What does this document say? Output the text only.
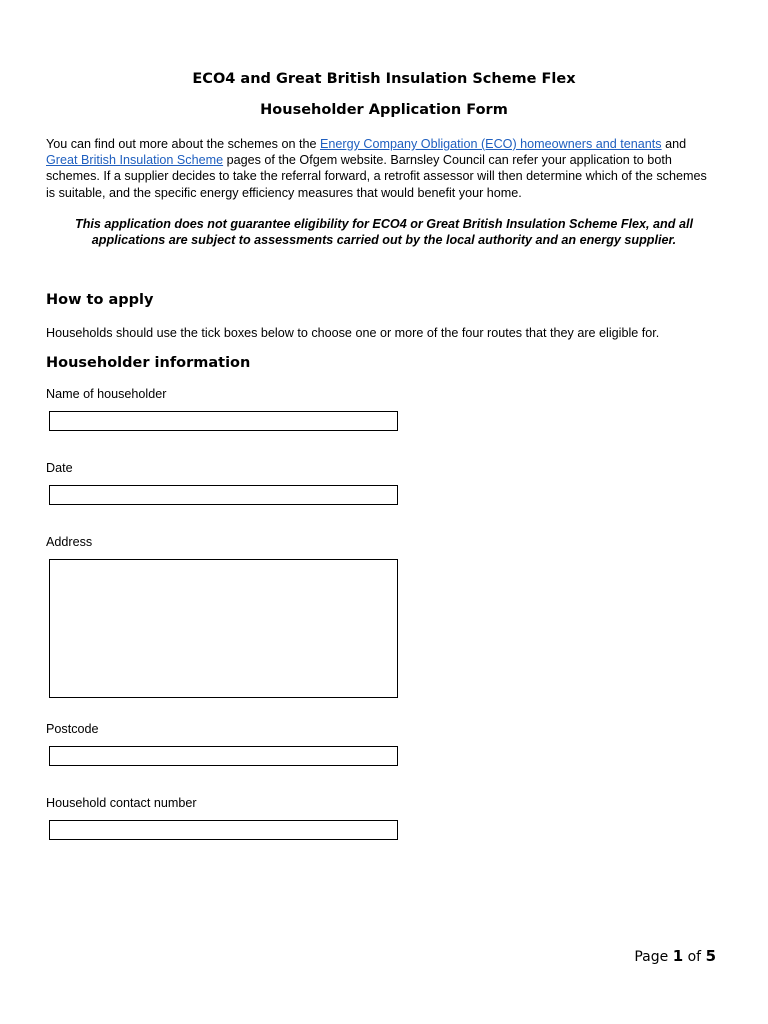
ECO4 and Great British Insulation Scheme Flex
Householder Application Form
You can find out more about the schemes on the Energy Company Obligation (ECO) homeowners and tenants and Great British Insulation Scheme pages of the Ofgem website. Barnsley Council can refer your application to both schemes. If a supplier decides to take the referral forward, a retrofit assessor will then determine which of the schemes is suitable, and the specific energy efficiency measures that would benefit your home.
This application does not guarantee eligibility for ECO4 or Great British Insulation Scheme Flex, and all applications are subject to assessments carried out by the local authority and an energy supplier.
How to apply
Households should use the tick boxes below to choose one or more of the four routes that they are eligible for.
Householder information
Name of householder
Date
Address
Postcode
Household contact number
Page 1 of 5
